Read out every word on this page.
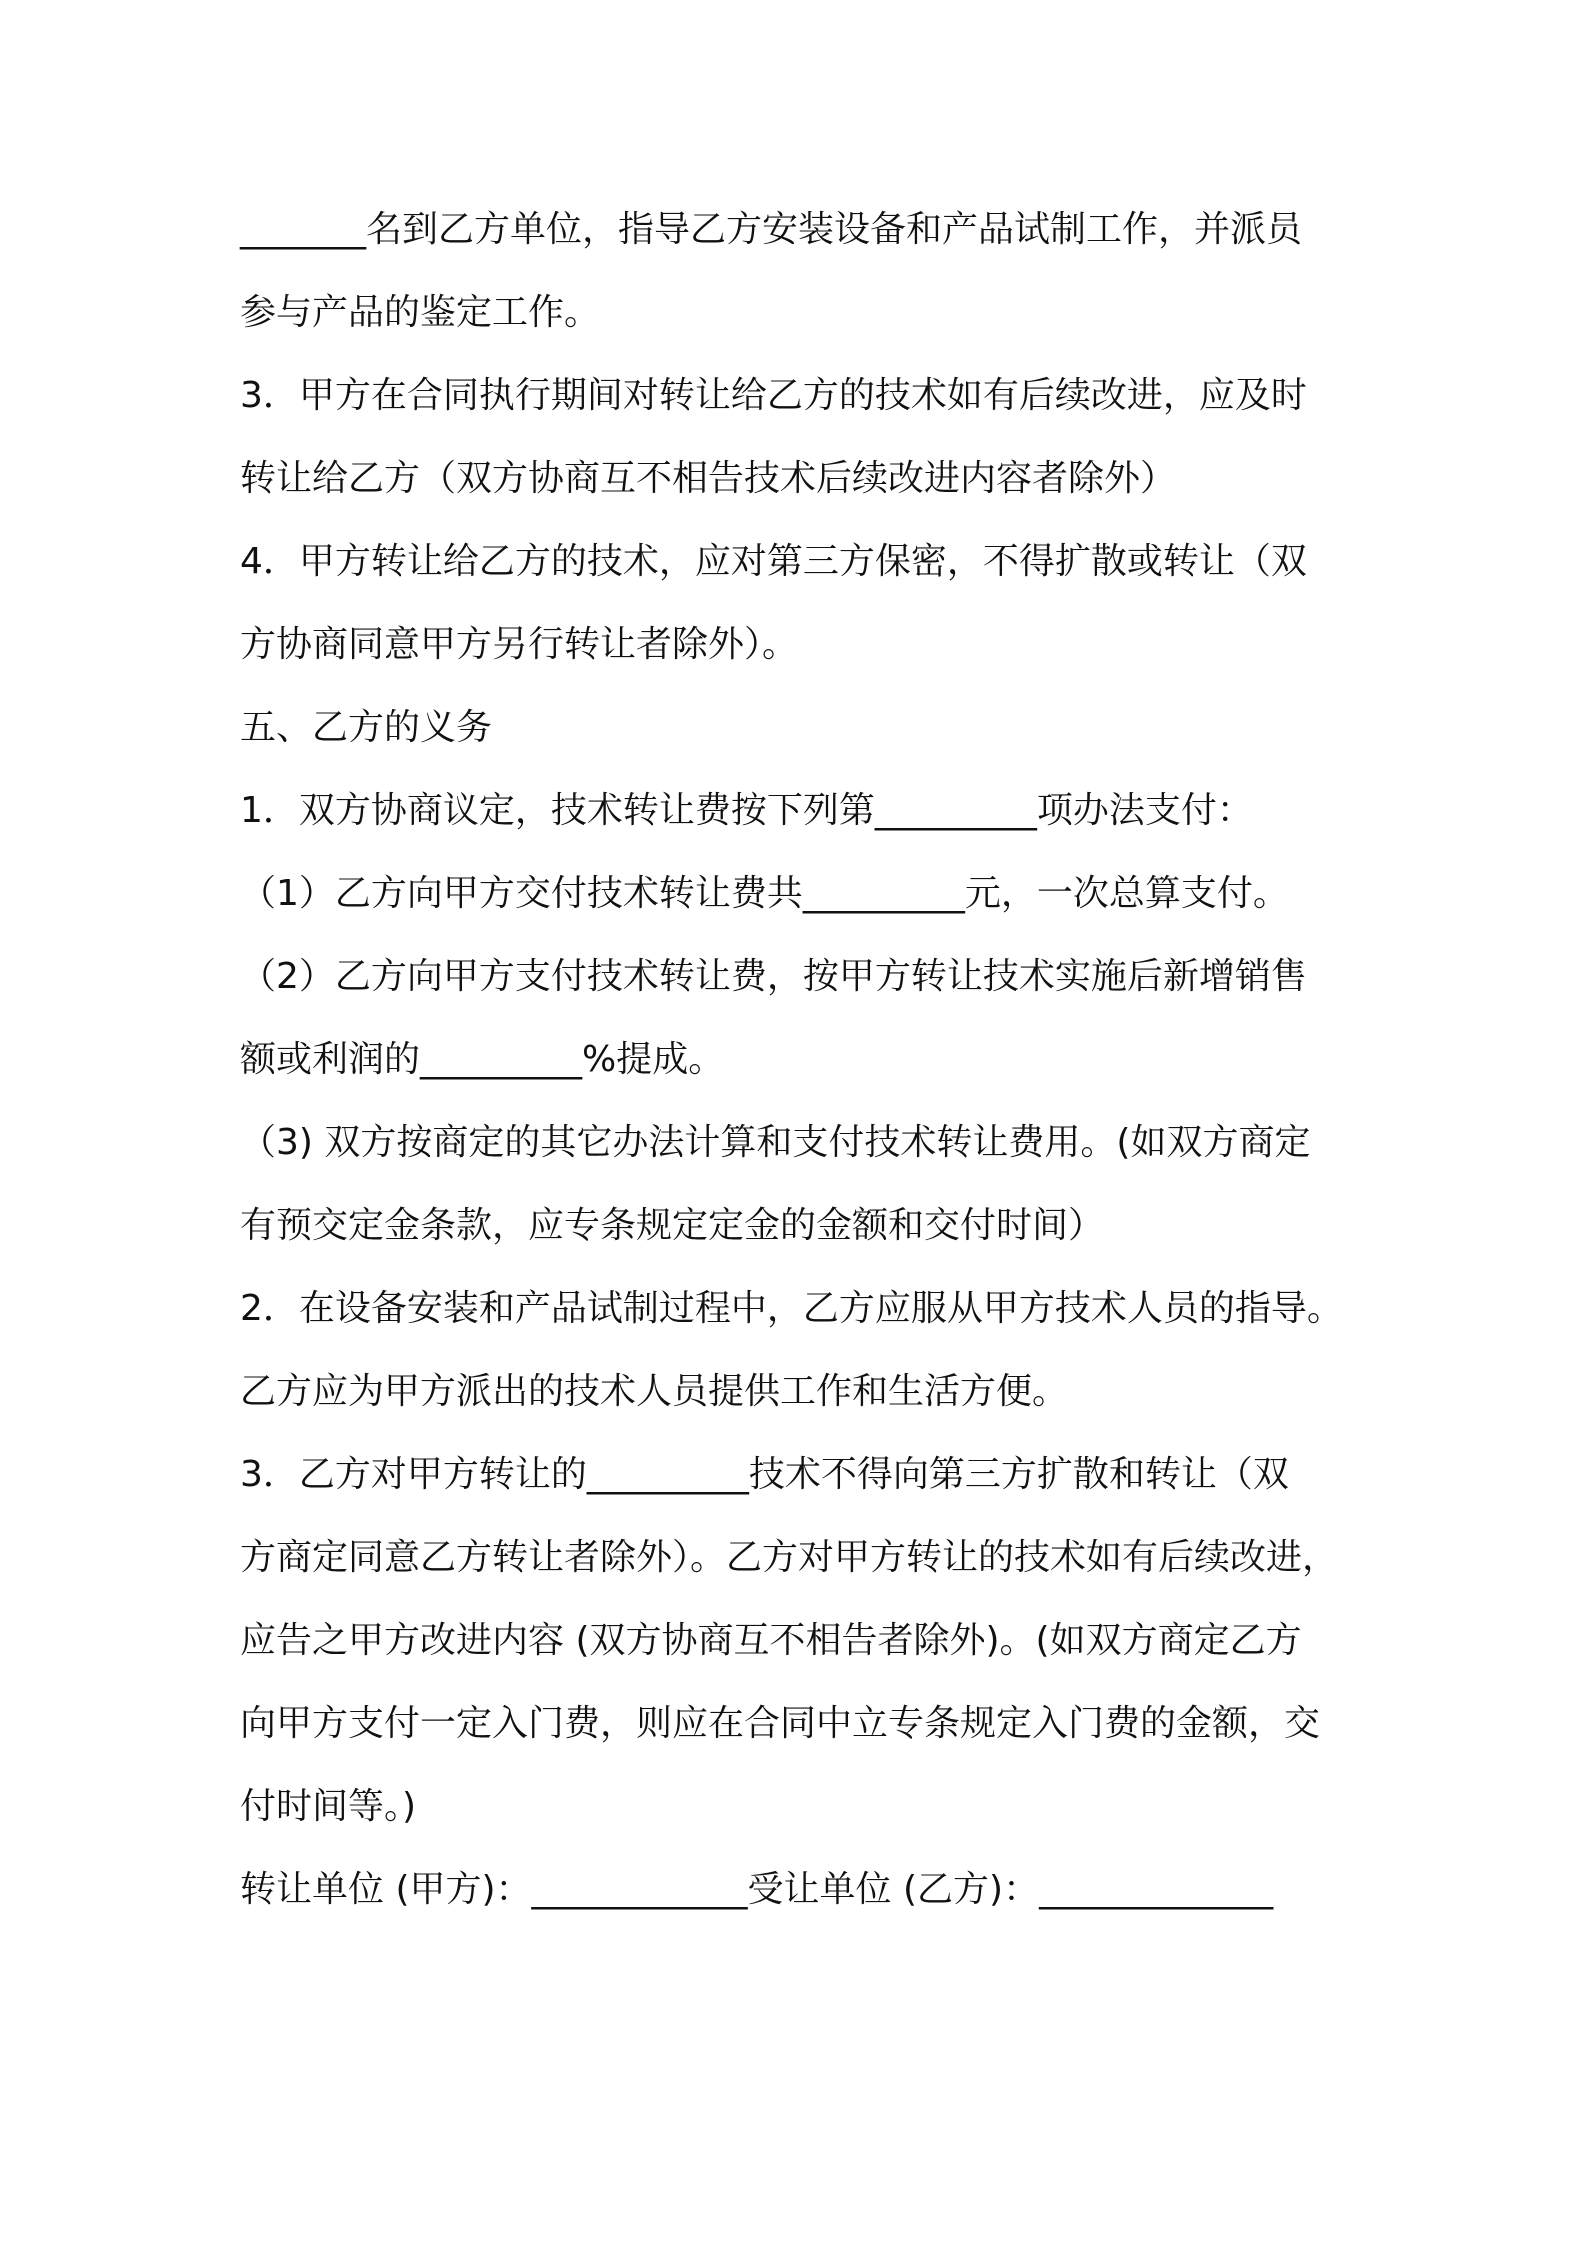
_______名到乙方单位，指导乙方安装设备和产品试制工作，并派员
参与产品的鉴定工作。
3．甲方在合同执行期间对转让给乙方的技术如有后续改进，应及时
转让给乙方（双方协商互不相告技术后续改进内容者除外）
4．甲方转让给乙方的技术，应对第三方保密，不得扩散或转让（双
方协商同意甲方另行转让者除外）。
五、乙方的义务
1．双方协商议定，技术转让费按下列第_________项办法支付：
（1）乙方向甲方交付技术转让费共_________元，一次总算支付。
（2）乙方向甲方支付技术转让费，按甲方转让技术实施后新增销售
额或利润的_________%提成。
（3) 双方按商定的其它办法计算和支付技术转让费用。(如双方商定
有预交定金条款，应专条规定定金的金额和交付时间）
2．在设备安装和产品试制过程中，乙方应服从甲方技术人员的指导。
乙方应为甲方派出的技术人员提供工作和生活方便。
3．乙方对甲方转让的_________技术不得向第三方扩散和转让（双
方商定同意乙方转让者除外）。乙方对甲方转让的技术如有后续改进，
应告之甲方改进内容 (双方协商互不相告者除外)。(如双方商定乙方
向甲方支付一定入门费，则应在合同中立专条规定入门费的金额，交
付时间等。)
转让单位 (甲方)：____________受让单位 (乙方)：_____________
